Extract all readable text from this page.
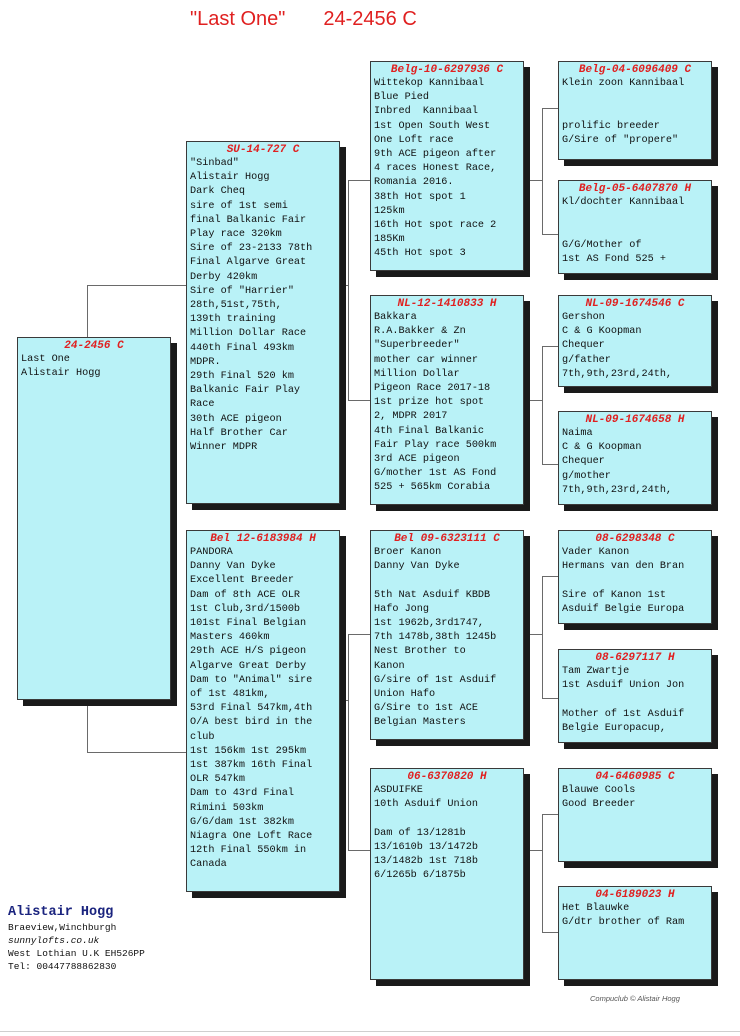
"Last One" 24-2456 C
24-2456 C
Last One
Alistair Hogg
SU-14-727 C
"Sinbad"
Alistair Hogg
Dark Cheq
sire of 1st semi
final Balkanic Fair
Play race 320km
Sire of 23-2133 78th
Final Algarve Great
Derby 420km
Sire of "Harrier"
28th,51st,75th,
139th training
Million Dollar Race
440th Final 493km
MDPR.
29th Final 520 km
Balkanic Fair Play
Race
30th ACE pigeon
Half Brother Car
Winner MDPR
Bel 12-6183984 H
PANDORA
Danny Van Dyke
Excellent Breeder
Dam of 8th ACE OLR
1st Club,3rd/1500b
101st Final Belgian
Masters 460km
29th ACE H/S pigeon
Algarve Great Derby
Dam to "Animal" sire
of 1st 481km,
53rd Final 547km,4th
O/A best bird in the
club
1st 156km 1st 295km
1st 387km 16th Final
OLR 547km
Dam to 43rd Final
Rimini 503km
G/G/dam 1st 382km
Niagra One Loft Race
12th Final 550km in
Canada
Belg-10-6297936 C
Wittekop Kannibaal
Blue Pied
Inbred  Kannibaal
1st Open South West
One Loft race
9th ACE pigeon after
4 races Honest Race,
Romania 2016.
38th Hot spot 1
125km
16th Hot spot race 2
185Km
45th Hot spot 3
NL-12-1410833 H
Bakkara
R.A.Bakker & Zn
"Superbreeder"
mother car winner
Million Dollar
Pigeon Race 2017-18
1st prize hot spot
2, MDPR 2017
4th Final Balkanic
Fair Play race 500km
3rd ACE pigeon
G/mother 1st AS Fond
525 + 565km Corabia
Bel 09-6323111 C
Broer Kanon
Danny Van Dyke
5th Nat Asduif KBDB
Hafo Jong
1st 1962b,3rd1747,
7th 1478b,38th 1245b
Nest Brother to
Kanon
G/sire of 1st Asduif
Union Hafo
G/Sire to 1st ACE
Belgian Masters
06-6370820 H
ASDUIFKE
10th Asduif Union
Dam of 13/1281b
13/1610b 13/1472b
13/1482b 1st 718b
6/1265b 6/1875b
Belg-04-6096409 C
Klein zoon Kannibaal
prolific breeder
G/Sire of "propere"
Belg-05-6407870 H
Kl/dochter Kannibaal
G/G/Mother of
1st AS Fond 525 +
NL-09-1674546 C
Gershon
C & G Koopman
Chequer
g/father
7th,9th,23rd,24th,
NL-09-1674658 H
Naima
C & G Koopman
Chequer
g/mother
7th,9th,23rd,24th,
08-6298348 C
Vader Kanon
Hermans van den Bran
Sire of Kanon 1st
Asduif Belgie Europa
08-6297117 H
Tam Zwartje
1st Asduif Union Jon
Mother of 1st Asduif
Belgie Europacup,
04-6460985 C
Blauwe Cools
Good Breeder
04-6189023 H
Het Blauwke
G/dtr brother of Ram
Alistair Hogg
Braeview,Winchburgh
sunnylofts.co.uk
West Lothian U.K EH526PP
Tel: 00447788862830
Compuclub © Alistair Hogg
